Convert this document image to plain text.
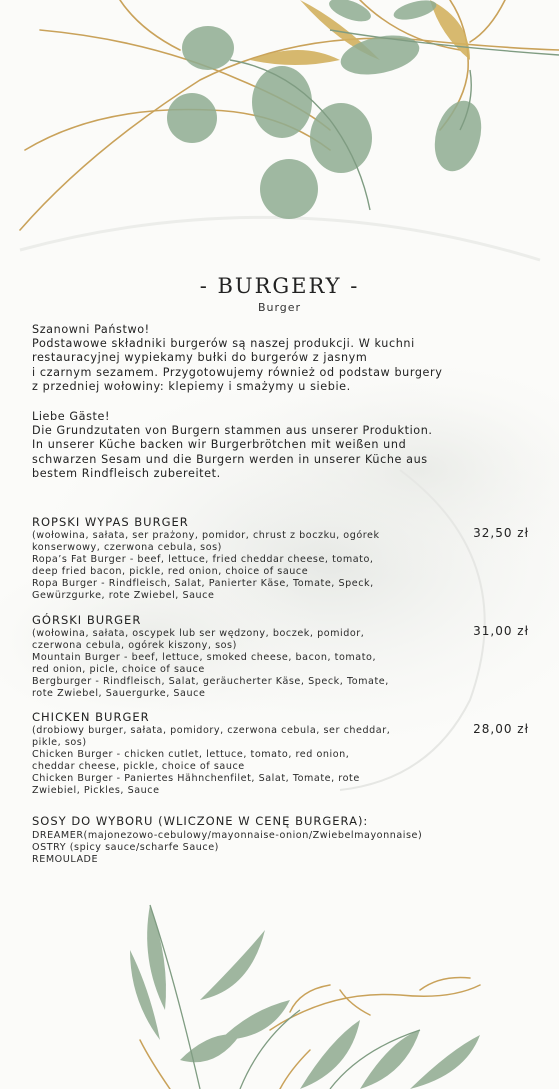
- BURGERY -
Burger

Szanowni Państwo!
Podstawowe składniki burgerów są naszej produkcji. W kuchni
restauracyjnej wypiekamy bułki do burgerów z jasnym
i czarnym sezamem. Przygotowujemy również od podstaw burgery
z przedniej wołowiny: klepiemy i smażymy u siebie.

Liebe Gäste!
Die Grundzutaten von Burgern stammen aus unserer Produktion.
In unserer Küche backen wir Burgerbrötchen mit weißen und
schwarzen Sesam und die Burgern werden in unserer Küche aus
bestem Rindfleisch zubereitet.

ROPSKI WYPAS BURGER
(wołowina, sałata, ser prażony, pomidor, chrust z boczku, ogórek
konserwowy, czerwona cebula, sos)
Ropa’s Fat Burger - beef, lettuce, fried cheddar cheese, tomato,
deep fried bacon, pickle, red onion, choice of sauce
Ropa Burger - Rindfleisch, Salat, Panierter Käse, Tomate, Speck,
Gewürzgurke, rote Zwiebel, Sauce
32,50 zł
GÓRSKI BURGER
(wołowina, sałata, oscypek lub ser wędzony, boczek, pomidor,
czerwona cebula, ogórek kiszony, sos)
Mountain Burger - beef, lettuce, smoked cheese, bacon, tomato,
red onion, picle, choice of sauce
Bergburger - Rindfleisch, Salat, geräucherter Käse, Speck, Tomate,
rote Zwiebel, Sauergurke, Sauce
31,00 zł
CHICKEN BURGER
(drobiowy burger, sałata, pomidory, czerwona cebula, ser cheddar,
pikle, sos)
Chicken Burger - chicken cutlet, lettuce, tomato, red onion,
cheddar cheese, pickle, choice of sauce
Chicken Burger - Paniertes Hähnchenfilet, Salat, Tomate, rote
Zwiebiel, Pickles, Sauce
28,00 zł
SOSY DO WYBORU (WLICZONE W CENĘ BURGERA):
DREAMER(majonezowo-cebulowy/mayonnaise-onion/Zwiebelmayonnaise)
OSTRY (spicy sauce/scharfe Sauce)
REMOULADE
